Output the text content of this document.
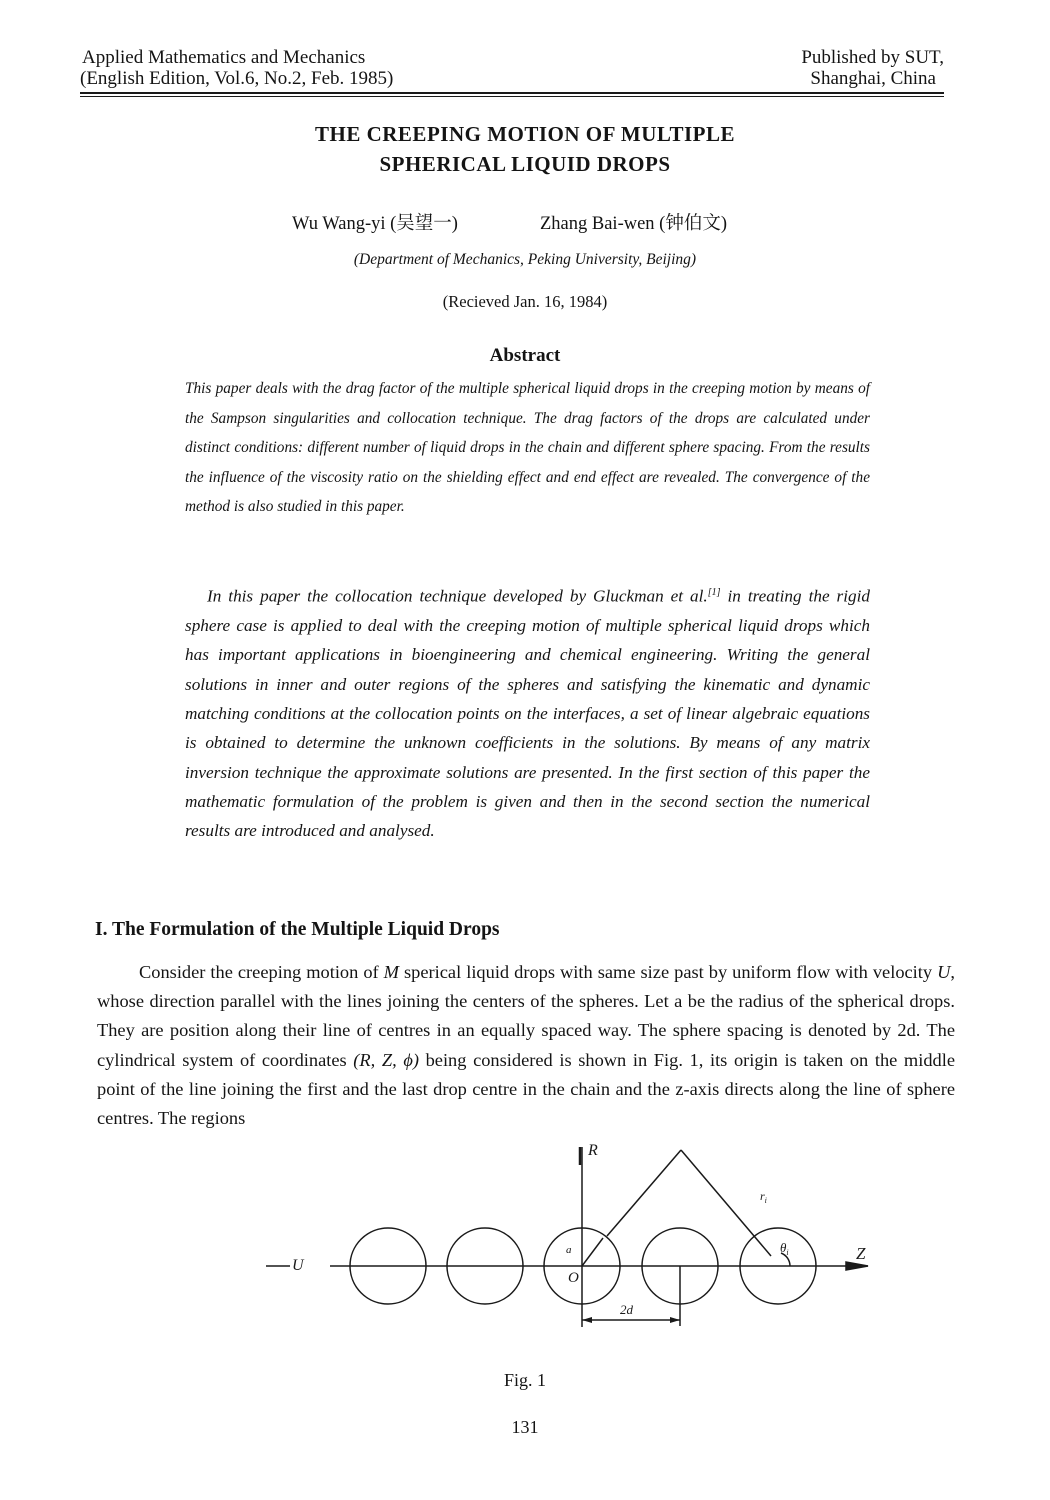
Applied Mathematics and Mechanics
(English Edition, Vol.6, No.2, Feb. 1985)
Published by SUT,
Shanghai, China
THE CREEPING MOTION OF MULTIPLE
SPHERICAL LIQUID DROPS
Wu Wang-yi (吴望一)	Zhang Bai-wen (钟伯文)
(Department of Mechanics, Peking University, Beijing)
(Recieved Jan. 16, 1984)
Abstract
This paper deals with the drag factor of the multiple spherical liquid drops in the creeping motion by means of the Sampson singularities and collocation technique. The drag factors of the drops are calculated under distinct conditions: different number of liquid drops in the chain and different sphere spacing. From the results the influence of the viscosity ratio on the shielding effect and end effect are revealed. The convergence of the method is also studied in this paper.
In this paper the collocation technique developed by Gluckman et al.[1] in treating the rigid sphere case is applied to deal with the creeping motion of multiple spherical liquid drops which has important applications in bioengineering and chemical engineering. Writing the general solutions in inner and outer regions of the spheres and satisfying the kinematic and dynamic matching conditions at the collocation points on the interfaces, a set of linear algebraic equations is obtained to determine the unknown coefficients in the solutions. By means of any matrix inversion technique the approximate solutions are presented. In the first section of this paper the mathematic formulation of the problem is given and then in the second section the numerical results are introduced and analysed.
I. The Formulation of the Multiple Liquid Drops
Consider the creeping motion of M sperical liquid drops with same size past by uniform flow with velocity U, whose direction parallel with the lines joining the centers of the spheres. Let a be the radius of the spherical drops. They are position along their line of centres in an equally spaced way. The sphere spacing is denoted by 2d. The cylindrical system of coordinates (R, Z, ϕ) being considered is shown in Fig. 1, its origin is taken on the middle point of the line joining the first and the last drop centre in the chain and the z-axis directs along the line of sphere centres. The regions
R
Z
U
O
a
$r_i$
$\theta_i$
2d
Fig. 1
131
